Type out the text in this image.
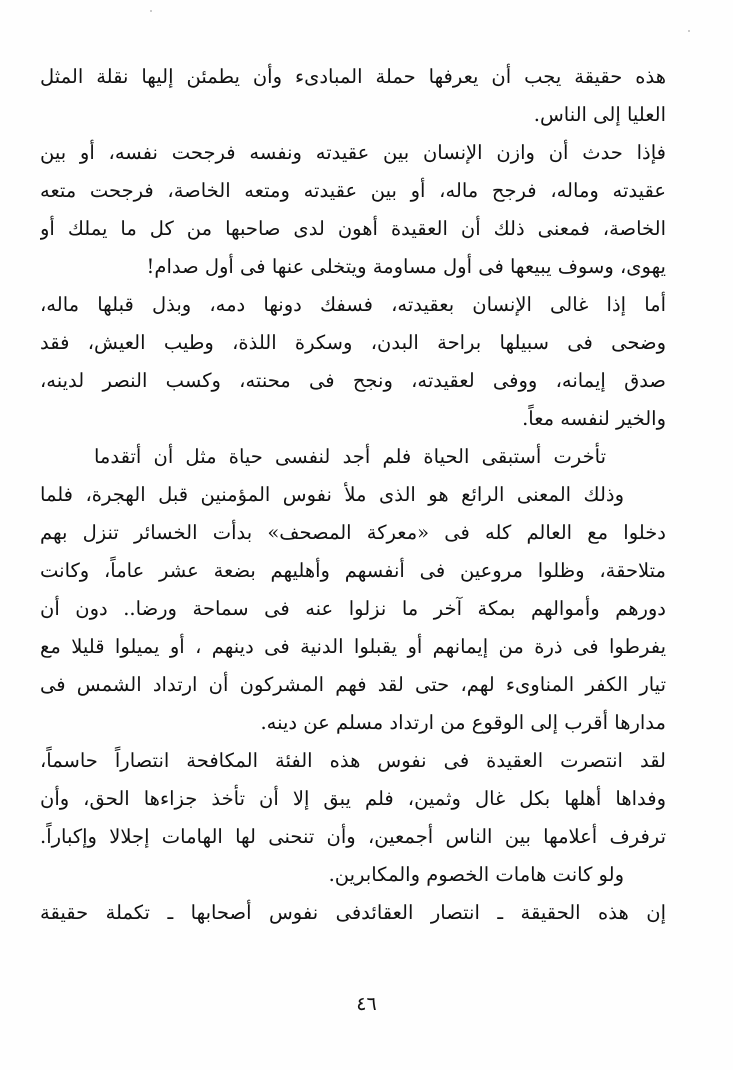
هذه حقيقة يجب أن يعرفها حملة المبادىء وأن يطمئن إليها نقلة المثل
العليا إلى الناس.
فإذا حدث أن وازن الإنسان بين عقيدته ونفسه فرجحت نفسه، أو بين
عقيدته وماله، فرجح ماله، أو بين عقيدته ومتعه الخاصة، فرجحت متعه
الخاصة، فمعنى ذلك أن العقيدة أهون لدى صاحبها من كل ما يملك أو
يهوى، وسوف يبيعها فى أول مساومة ويتخلى عنها فى أول صدام!
أما إذا غالى الإنسان بعقيدته، فسفك دونها دمه، وبذل قبلها ماله،
وضحى فى سبيلها براحة البدن، وسكرة اللذة، وطيب العيش، فقد
صدق إيمانه، ووفى لعقيدته، ونجح فى محنته، وكسب النصر لدينه،
والخير لنفسه معاً.
تأخرت أستبقى الحياة فلم أجد لنفسى حياة مثل أن أتقدما
وذلك المعنى الرائع هو الذى ملأ نفوس المؤمنين قبل الهجرة، فلما
دخلوا مع العالم كله فى «معركة المصحف» بدأت الخسائر تنزل بهم
متلاحقة، وظلوا مروعين فى أنفسهم وأهليهم بضعة عشر عاماً، وكانت
دورهم وأموالهم بمكة آخر ما نزلوا عنه فى سماحة ورضا.. دون أن
يفرطوا فى ذرة من إيمانهم أو يقبلوا الدنية فى دينهم ، أو يميلوا قليلا مع
تيار الكفر المناوىء لهم، حتى لقد فهم المشركون أن ارتداد الشمس فى
مدارها أقرب إلى الوقوع من ارتداد مسلم عن دينه.
لقد انتصرت العقيدة فى نفوس هذه الفئة المكافحة انتصاراً حاسماً،
وفداها أهلها بكل غال وثمين، فلم يبق إلا أن تأخذ جزاءها الحق، وأن
ترفرف أعلامها بين الناس أجمعين، وأن تنحنى لها الهامات إجلالا وإكباراً.
ولو كانت هامات الخصوم والمكابرين.
إن هذه الحقيقة ـ انتصار العقائدفى نفوس أصحابها ـ تكملة حقيقة
٤٦
